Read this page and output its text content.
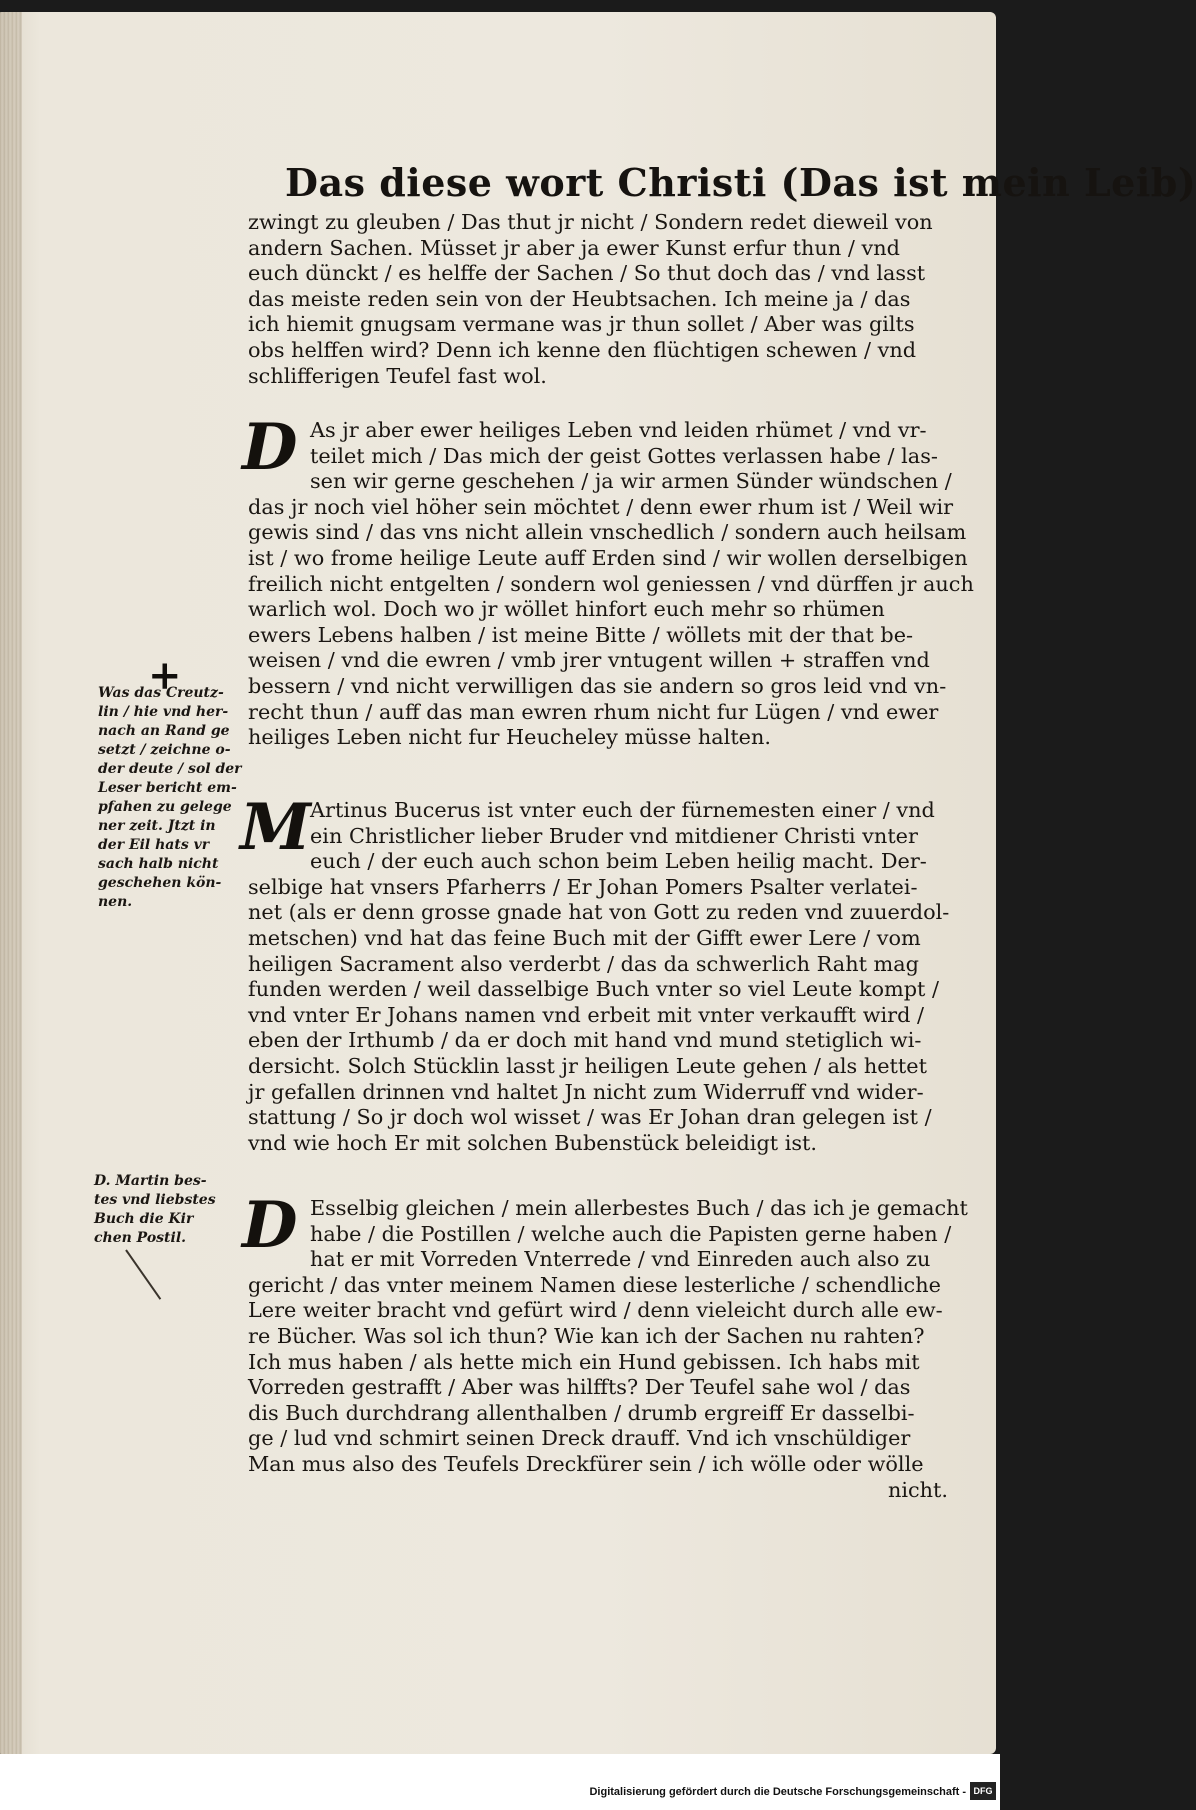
Das diese wort Christi (Das ist mein Leib)
+
Was das Creutz-
lin / hie vnd her-
nach an Rand ge
setzt / zeichne o-
der deute / sol der
Leser bericht em-
pfahen zu gelege
ner zeit. Jtzt in
der Eil hats vr
sach halb nicht
geschehen kön-
nen.
D. Martin bes-
tes vnd liebstes
Buch die Kir
chen Postil.
zwingt zu gleuben / Das thut jr nicht / Sondern redet dieweil von
andern Sachen. Müsset jr aber ja ewer Kunst erfur thun / vnd
euch dünckt / es helffe der Sachen / So thut doch das / vnd lasst
das meiste reden sein von der Heubtsachen. Ich meine ja / das
ich hiemit gnugsam vermane was jr thun sollet / Aber was gilts
obs helffen wird? Denn ich kenne den flüchtigen schewen / vnd
schlifferigen Teufel fast wol.
D As jr aber ewer heiliges Leben vnd leiden rhümet / vnd vr-
teilet mich / Das mich der geist Gottes verlassen habe / las-
sen wir gerne geschehen / ja wir armen Sünder wündschen /
das jr noch viel höher sein möchtet / denn ewer rhum ist / Weil wir
gewis sind / das vns nicht allein vnschedlich / sondern auch heilsam
ist / wo frome heilige Leute auff Erden sind / wir wollen derselbigen
freilich nicht entgelten / sondern wol geniessen / vnd dürffen jr auch
warlich wol. Doch wo jr wöllet hinfort euch mehr so rhümen
ewers Lebens halben / ist meine Bitte / wöllets mit der that be-
weisen / vnd die ewren / vmb jrer vntugent willen + straffen vnd
bessern / vnd nicht verwilligen das sie andern so gros leid vnd vn-
recht thun / auff das man ewren rhum nicht fur Lügen / vnd ewer
heiliges Leben nicht fur Heucheley müsse halten.
M Artinus Bucerus ist vnter euch der fürnemesten einer / vnd
ein Christlicher lieber Bruder vnd mitdiener Christi vnter
euch / der euch auch schon beim Leben heilig macht. Der-
selbige hat vnsers Pfarherrs / Er Johan Pomers Psalter verlatei-
net (als er denn grosse gnade hat von Gott zu reden vnd zuuerdol-
metschen) vnd hat das feine Buch mit der Gifft ewer Lere / vom
heiligen Sacrament also verderbt / das da schwerlich Raht mag
funden werden / weil dasselbige Buch vnter so viel Leute kompt /
vnd vnter Er Johans namen vnd erbeit mit vnter verkaufft wird /
eben der Irthumb / da er doch mit hand vnd mund stetiglich wi-
dersicht. Solch Stücklin lasst jr heiligen Leute gehen / als hettet
jr gefallen drinnen vnd haltet Jn nicht zum Widerruff vnd wider-
stattung / So jr doch wol wisset / was Er Johan dran gelegen ist /
vnd wie hoch Er mit solchen Bubenstück beleidigt ist.
D Esselbig gleichen / mein allerbestes Buch / das ich je gemacht
habe / die Postillen / welche auch die Papisten gerne haben /
hat er mit Vorreden Vnterrede / vnd Einreden auch also zu
gericht / das vnter meinem Namen diese lesterliche / schendliche
Lere weiter bracht vnd gefürt wird / denn vieleicht durch alle ew-
re Bücher. Was sol ich thun? Wie kan ich der Sachen nu rahten?
Ich mus haben / als hette mich ein Hund gebissen. Ich habs mit
Vorreden gestrafft / Aber was hilffts? Der Teufel sahe wol / das
dis Buch durchdrang allenthalben / drumb ergreiff Er dasselbi-
ge / lud vnd schmirt seinen Dreck drauff. Vnd ich vnschüldiger
Man mus also des Teufels Dreckfürer sein / ich wölle oder wölle
nicht.
Digitalisierung gefördert durch die Deutsche Forschungsgemeinschaft - DFG
